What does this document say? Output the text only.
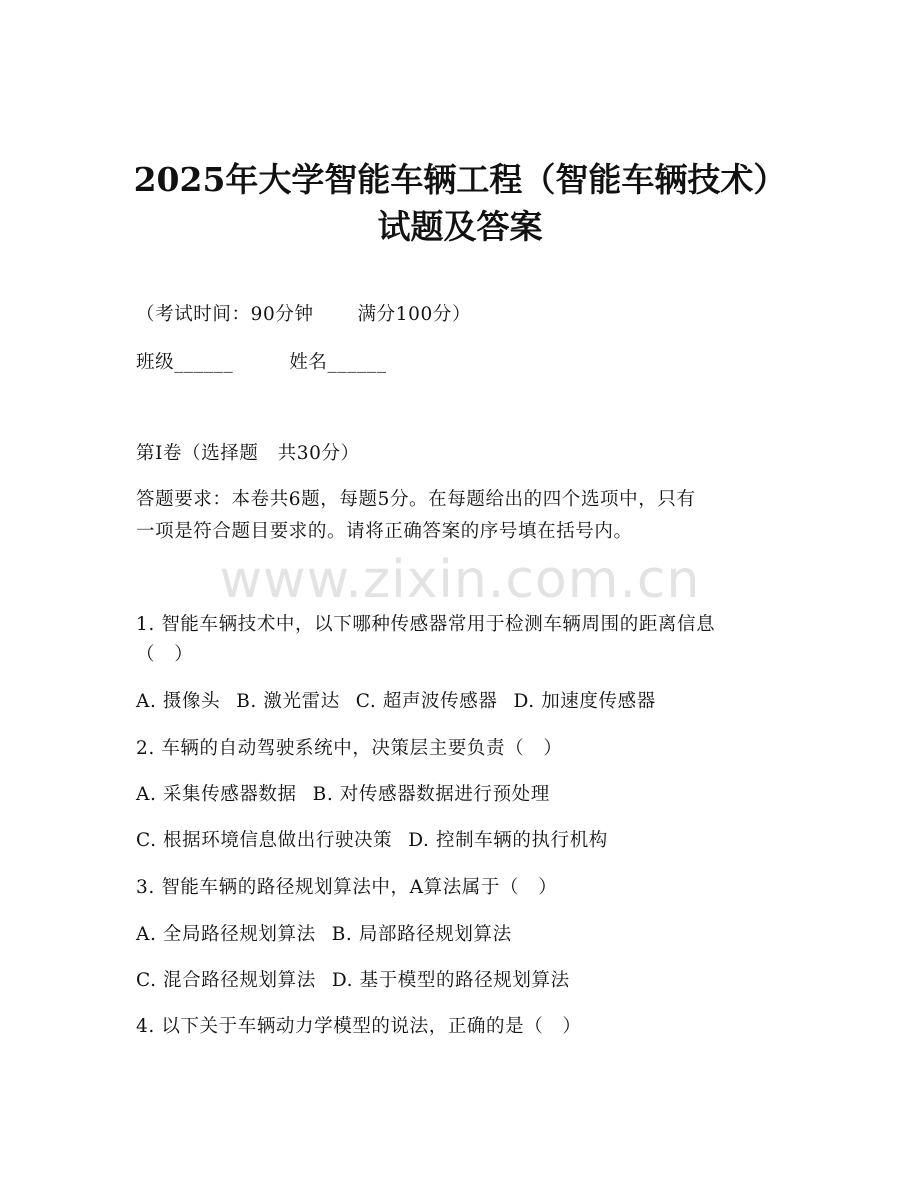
2025年大学智能车辆工程（智能车辆技术）
试题及答案
（考试时间：90分钟 满分100分）
班级______	姓名______
第I卷（选择题　共30分）
答题要求：本卷共6题，每题5分。在每题给出的四个选项中，只有
一项是符合题目要求的。请将正确答案的序号填在括号内。
www.zixin.com.cn
1. 智能车辆技术中，以下哪种传感器常用于检测车辆周围的距离信息
（　）
A. 摄像头 B. 激光雷达 C. 超声波传感器 D. 加速度传感器
2. 车辆的自动驾驶系统中，决策层主要负责（　）
A. 采集传感器数据 B. 对传感器数据进行预处理
C. 根据环境信息做出行驶决策 D. 控制车辆的执行机构
3. 智能车辆的路径规划算法中，A算法属于（　）
A. 全局路径规划算法 B. 局部路径规划算法
C. 混合路径规划算法 D. 基于模型的路径规划算法
4. 以下关于车辆动力学模型的说法，正确的是（　）
